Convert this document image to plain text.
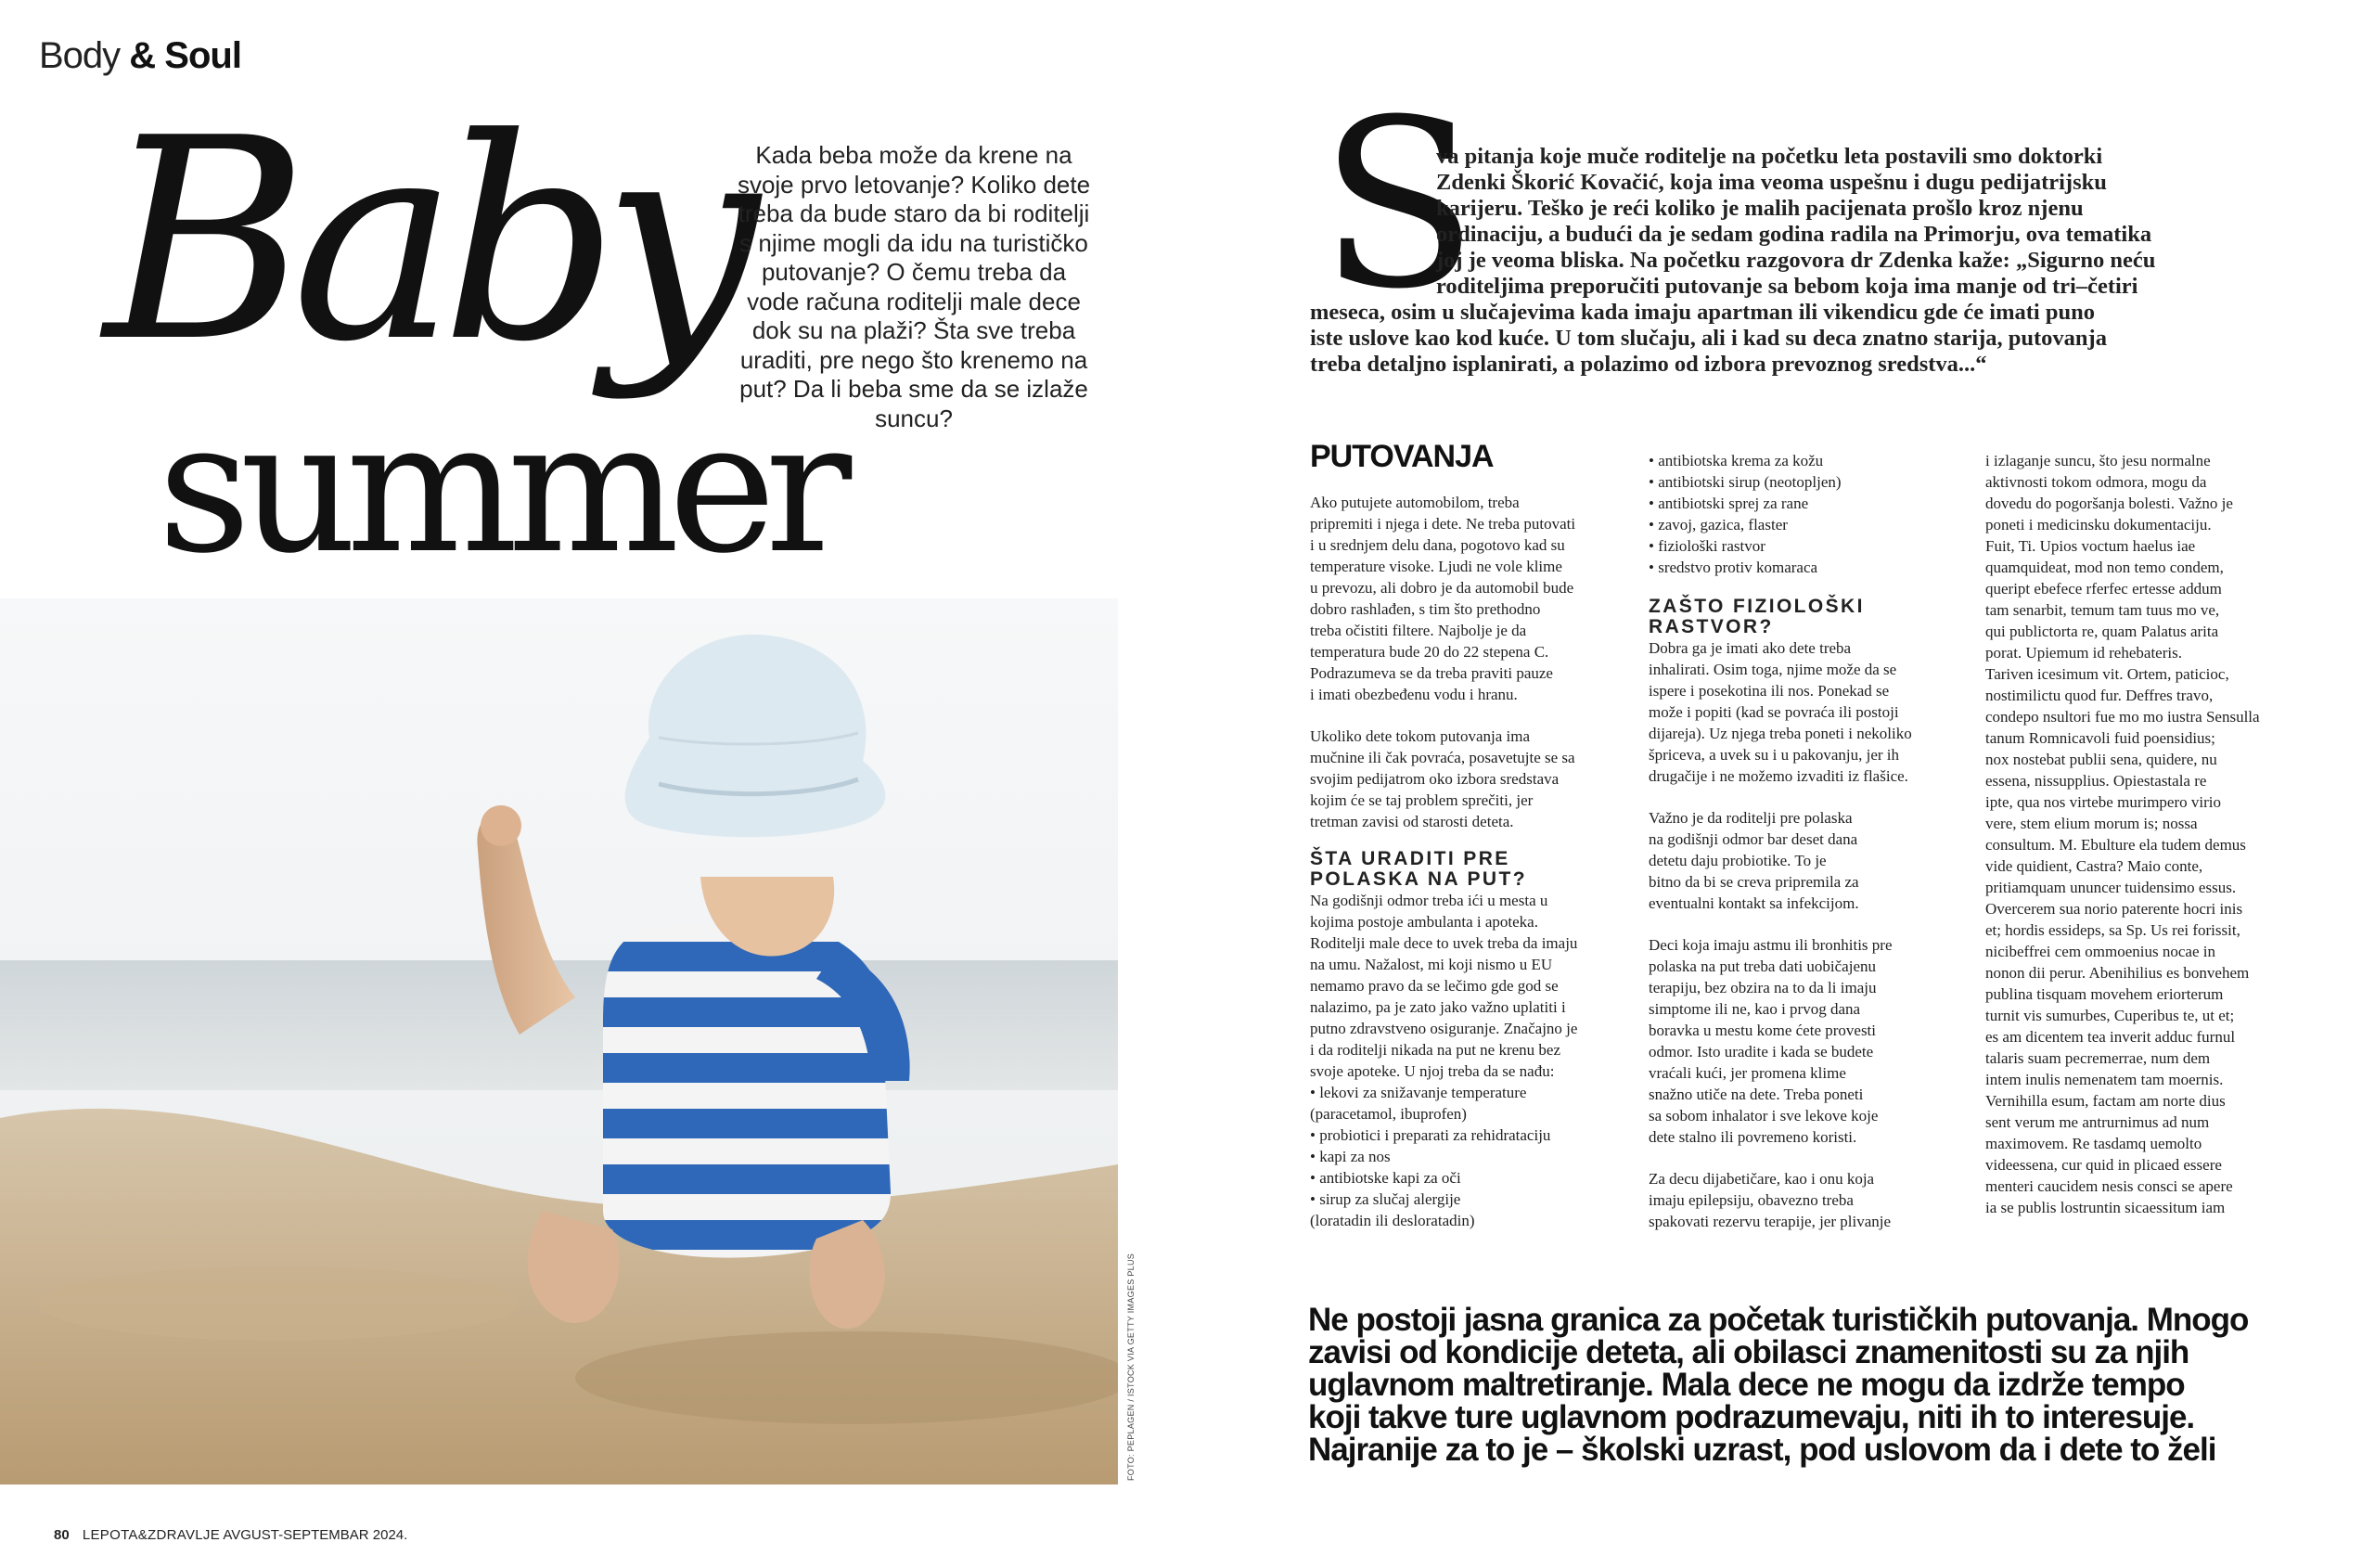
Body & Soul
Baby
summer
Kada beba može da krene na svoje prvo letovanje? Koliko dete treba da bude staro da bi roditelji s njime mogli da idu na turističko putovanje? O čemu treba da vode računa roditelji male dece dok su na plaži? Šta sve treba uraditi, pre nego što krenemo na put? Da li beba sme da se izlaže suncu?
FOTO: PEPLAGEN / ISTOCK VIA GETTY IMAGES PLUS
80 LEPOTA&ZDRAVLJE AVGUST-SEPTEMBAR 2024.
S
va pitanja koje muče roditelje na početku leta postavili smo doktorki
Zdenki Škorić Kovačić, koja ima veoma uspešnu i dugu pedijatrijsku
karijeru. Teško je reći koliko je malih pacijenata prošlo kroz njenu
ordinaciju, a budući da je sedam godina radila na Primorju, ova tematika
joj je veoma bliska. Na početku razgovora dr Zdenka kaže: „Sigurno neću
roditeljima preporučiti putovanje sa bebom koja ima manje od tri–četiri
meseca, osim u slučajevima kada imaju apartman ili vikendicu gde će imati puno
iste uslove kao kod kuće. U tom slučaju, ali i kad su deca znatno starija, putovanja
treba detaljno isplanirati, a polazimo od izbora prevoznog sredstva...“
PUTOVANJA
Ako putujete automobilom, treba
pripremiti i njega i dete. Ne treba putovati
i u srednjem delu dana, pogotovo kad su
temperature visoke. Ljudi ne vole klime
u prevozu, ali dobro je da automobil bude
dobro rashlađen, s tim što prethodno
treba očistiti filtere. Najbolje je da
temperatura bude 20 do 22 stepena C.
Podrazumeva se da treba praviti pauze
i imati obezbeđenu vodu i hranu.
Ukoliko dete tokom putovanja ima
mučnine ili čak povraća, posavetujte se sa
svojim pedijatrom oko izbora sredstava
kojim će se taj problem sprečiti, jer
tretman zavisi od starosti deteta.
ŠTA URADITI PRE
POLASKA NA PUT?
Na godišnji odmor treba ići u mesta u
kojima postoje ambulanta i apoteka.
Roditelji male dece to uvek treba da imaju
na umu. Nažalost, mi koji nismo u EU
nemamo pravo da se lečimo gde god se
nalazimo, pa je zato jako važno uplatiti i
putno zdravstveno osiguranje. Značajno je
i da roditelji nikada na put ne krenu bez
svoje apoteke. U njoj treba da se nađu:
• lekovi za snižavanje temperature
(paracetamol, ibuprofen)
• probiotici i preparati za rehidrataciju
• kapi za nos
• antibiotske kapi za oči
• sirup za slučaj alergije
(loratadin ili desloratadin)
• antibiotska krema za kožu
• antibiotski sirup (neotopljen)
• antibiotski sprej za rane
• zavoj, gazica, flaster
• fiziološki rastvor
• sredstvo protiv komaraca
ZAŠTO FIZIOLOŠKI
RASTVOR?
Dobra ga je imati ako dete treba
inhalirati. Osim toga, njime može da se
ispere i posekotina ili nos. Ponekad se
može i popiti (kad se povraća ili postoji
dijareja). Uz njega treba poneti i nekoliko
špriceva, a uvek su i u pakovanju, jer ih
drugačije i ne možemo izvaditi iz flašice.
Važno je da roditelji pre polaska
na godišnji odmor bar deset dana
detetu daju probiotike. To je
bitno da bi se creva pripremila za
eventualni kontakt sa infekcijom.
Deci koja imaju astmu ili bronhitis pre
polaska na put treba dati uobičajenu
terapiju, bez obzira na to da li imaju
simptome ili ne, kao i prvog dana
boravka u mestu kome ćete provesti
odmor. Isto uradite i kada se budete
vraćali kući, jer promena klime
snažno utiče na dete. Treba poneti
sa sobom inhalator i sve lekove koje
dete stalno ili povremeno koristi.
Za decu dijabetičare, kao i onu koja
imaju epilepsiju, obavezno treba
spakovati rezervu terapije, jer plivanje
i izlaganje suncu, što jesu normalne
aktivnosti tokom odmora, mogu da
dovedu do pogoršanja bolesti. Važno je
poneti i medicinsku dokumentaciju.
Fuit, Ti. Upios voctum haelus iae
quamquideat, mod non temo condem,
queript ebefece rferfec ertesse addum
tam senarbit, temum tam tuus mo ve,
qui publictorta re, quam Palatus arita
porat. Upiemum id rehebateris.
Tariven icesimum vit. Ortem, paticioc,
nostimilictu quod fur. Deffres travo,
condepo nsultori fue mo mo iustra Sensulla
tanum Romnicavoli fuid poensidius;
nox nostebat publii sena, quidere, nu
essena, nissupplius. Opiestastala re
ipte, qua nos virtebe murimpero virio
vere, stem elium morum is; nossa
consultum. M. Ebulture ela tudem demus
vide quidient, Castra? Maio conte,
pritiamquam ununcer tuidensimo essus.
Overcerem sua norio paterente hocri inis
et; hordis essideps, sa Sp. Us rei forissit,
nicibeffrei cem ommoenius nocae in
nonon dii perur. Abenihilius es bonvehem
publina tisquam movehem eriorterum
turnit vis sumurbes, Cuperibus te, ut et;
es am dicentem tea inverit adduc furnul
talaris suam pecremerrae, num dem
intem inulis nemenatem tam moernis.
Vernihilla esum, factam am norte dius
sent verum me antrurnimus ad num
maximovem. Re tasdamq uemolto
videessena, cur quid in plicaed essere
menteri caucidem nesis consci se apere
ia se publis lostruntin sicaessitum iam
Ne postoji jasna granica za početak turističkih putovanja. Mnogo
zavisi od kondicije deteta, ali obilasci znamenitosti su za njih
uglavnom maltretiranje. Mala dece ne mogu da izdrže tempo
koji takve ture uglavnom podrazumevaju, niti ih to interesuje.
Najranije za to je – školski uzrast, pod uslovom da i dete to želi
